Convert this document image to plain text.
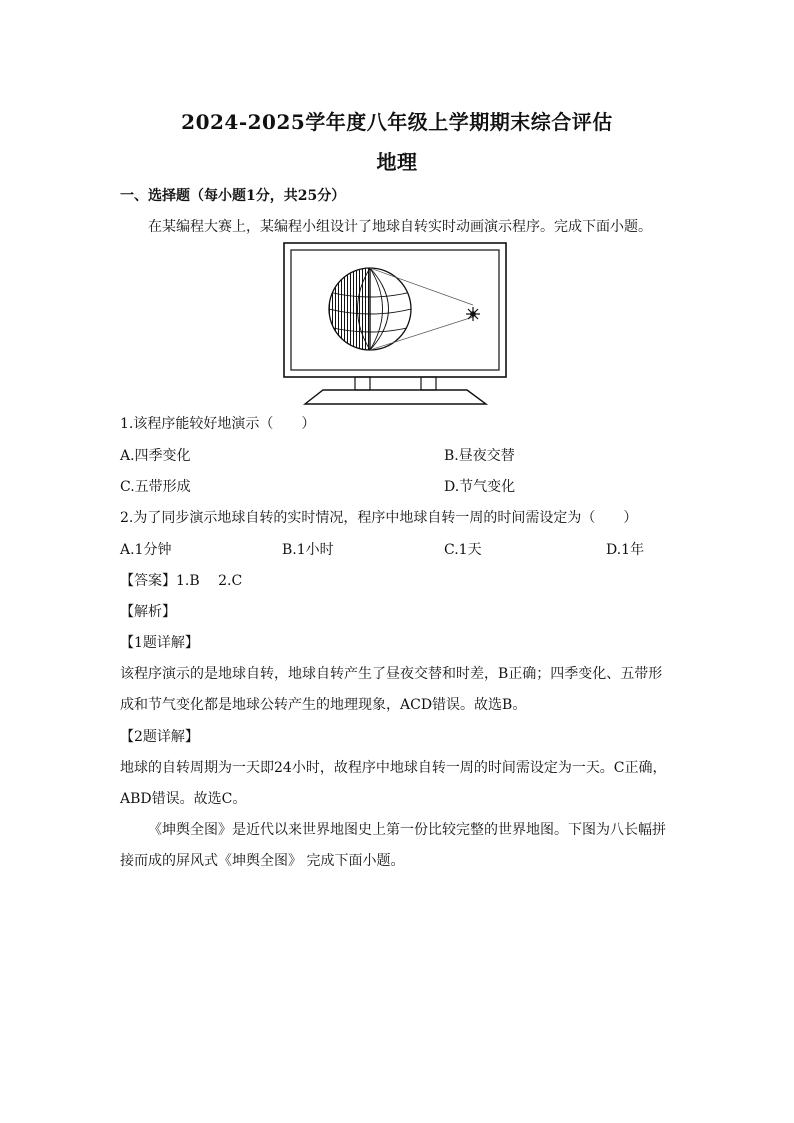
2024-2025学年度八年级上学期期末综合评估
地理
一、选择题（每小题1分，共25分）
在某编程大赛上，某编程小组设计了地球自转实时动画演示程序。完成下面小题。
1.该程序能较好地演示（　　）
A.四季变化	B.昼夜交替
C.五带形成	D.节气变化
2.为了同步演示地球自转的实时情况，程序中地球自转一周的时间需设定为（　　）
A.1分钟	B.1小时	C.1天	D.1年
【答案】1.B　 2.C
【解析】
【1题详解】
该程序演示的是地球自转，地球自转产生了昼夜交替和时差，B正确；四季变化、五带形
成和节气变化都是地球公转产生的地理现象，ACD错误。故选B。
【2题详解】
地球的自转周期为一天即24小时，故程序中地球自转一周的时间需设定为一天。C正确，
ABD错误。故选C。
《坤舆全图》是近代以来世界地图史上第一份比较完整的世界地图。下图为八长幅拼
接而成的屏风式《坤舆全图》 完成下面小题。
